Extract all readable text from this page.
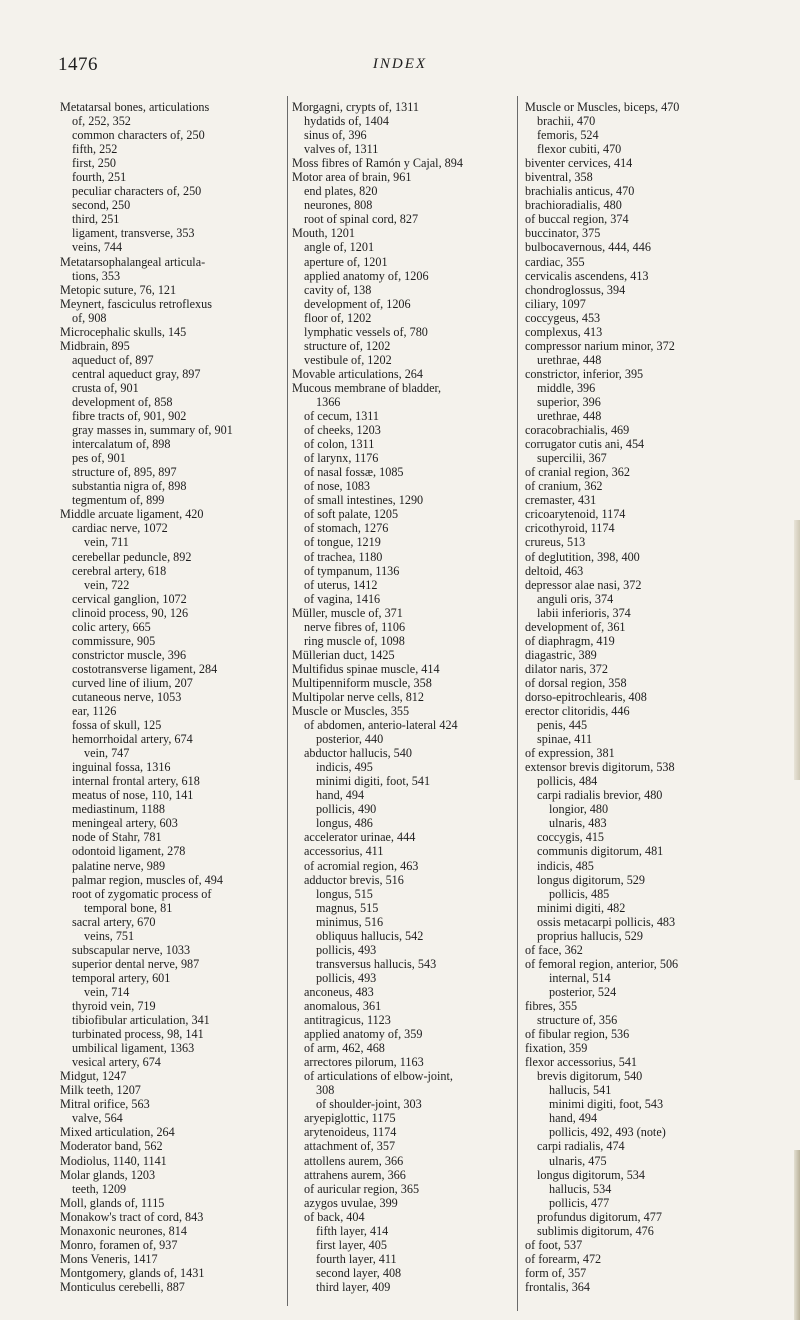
1476	INDEX
Metatarsal bones, articulations
of, 252, 352
common characters of, 250
fifth, 252
first, 250
fourth, 251
peculiar characters of, 250
second, 250
third, 251
ligament, transverse, 353
veins, 744
Metatarsophalangeal articula-
tions, 353
Metopic suture, 76, 121
Meynert, fasciculus retroflexus
of, 908
Microcephalic skulls, 145
Midbrain, 895
aqueduct of, 897
central aqueduct gray, 897
crusta of, 901
development of, 858
fibre tracts of, 901, 902
gray masses in, summary of, 901
intercalatum of, 898
pes of, 901
structure of, 895, 897
substantia nigra of, 898
tegmentum of, 899
Middle arcuate ligament, 420
cardiac nerve, 1072
vein, 711
cerebellar peduncle, 892
cerebral artery, 618
vein, 722
cervical ganglion, 1072
clinoid process, 90, 126
colic artery, 665
commissure, 905
constrictor muscle, 396
costotransverse ligament, 284
curved line of ilium, 207
cutaneous nerve, 1053
ear, 1126
fossa of skull, 125
hemorrhoidal artery, 674
vein, 747
inguinal fossa, 1316
internal frontal artery, 618
meatus of nose, 110, 141
mediastinum, 1188
meningeal artery, 603
node of Stahr, 781
odontoid ligament, 278
palatine nerve, 989
palmar region, muscles of, 494
root of zygomatic process of
temporal bone, 81
sacral artery, 670
veins, 751
subscapular nerve, 1033
superior dental nerve, 987
temporal artery, 601
vein, 714
thyroid vein, 719
tibiofibular articulation, 341
turbinated process, 98, 141
umbilical ligament, 1363
vesical artery, 674
Midgut, 1247
Milk teeth, 1207
Mitral orifice, 563
valve, 564
Mixed articulation, 264
Moderator band, 562
Modiolus, 1140, 1141
Molar glands, 1203
teeth, 1209
Moll, glands of, 1115
Monakow's tract of cord, 843
Monaxonic neurones, 814
Monro, foramen of, 937
Mons Veneris, 1417
Montgomery, glands of, 1431
Monticulus cerebelli, 887
Morgagni, crypts of, 1311
hydatids of, 1404
sinus of, 396
valves of, 1311
Moss fibres of Ramón y Cajal, 894
Motor area of brain, 961
end plates, 820
neurones, 808
root of spinal cord, 827
Mouth, 1201
angle of, 1201
aperture of, 1201
applied anatomy of, 1206
cavity of, 138
development of, 1206
floor of, 1202
lymphatic vessels of, 780
structure of, 1202
vestibule of, 1202
Movable articulations, 264
Mucous membrane of bladder,
1366
of cecum, 1311
of cheeks, 1203
of colon, 1311
of larynx, 1176
of nasal fossæ, 1085
of nose, 1083
of small intestines, 1290
of soft palate, 1205
of stomach, 1276
of tongue, 1219
of trachea, 1180
of tympanum, 1136
of uterus, 1412
of vagina, 1416
Müller, muscle of, 371
nerve fibres of, 1106
ring muscle of, 1098
Müllerian duct, 1425
Multifidus spinae muscle, 414
Multipenniform muscle, 358
Multipolar nerve cells, 812
Muscle or Muscles, 355
of abdomen, anterio-lateral 424
posterior, 440
abductor hallucis, 540
indicis, 495
minimi digiti, foot, 541
hand, 494
pollicis, 490
longus, 486
accelerator urinae, 444
accessorius, 411
of acromial region, 463
adductor brevis, 516
longus, 515
magnus, 515
minimus, 516
obliquus hallucis, 542
pollicis, 493
transversus hallucis, 543
pollicis, 493
anconeus, 483
anomalous, 361
antitragicus, 1123
applied anatomy of, 359
of arm, 462, 468
arrectores pilorum, 1163
of articulations of elbow-joint,
308
of shoulder-joint, 303
aryepiglottic, 1175
arytenoideus, 1174
attachment of, 357
attollens aurem, 366
attrahens aurem, 366
of auricular region, 365
azygos uvulae, 399
of back, 404
fifth layer, 414
first layer, 405
fourth layer, 411
second layer, 408
third layer, 409
Muscle or Muscles, biceps, 470
brachii, 470
femoris, 524
flexor cubiti, 470
biventer cervices, 414
biventral, 358
brachialis anticus, 470
brachioradialis, 480
of buccal region, 374
buccinator, 375
bulbocavernous, 444, 446
cardiac, 355
cervicalis ascendens, 413
chondroglossus, 394
ciliary, 1097
coccygeus, 453
complexus, 413
compressor narium minor, 372
urethrae, 448
constrictor, inferior, 395
middle, 396
superior, 396
urethrae, 448
coracobrachialis, 469
corrugator cutis ani, 454
supercilii, 367
of cranial region, 362
of cranium, 362
cremaster, 431
cricoarytenoid, 1174
cricothyroid, 1174
crureus, 513
of deglutition, 398, 400
deltoid, 463
depressor alae nasi, 372
anguli oris, 374
labii inferioris, 374
development of, 361
of diaphragm, 419
diagastric, 389
dilator naris, 372
of dorsal region, 358
dorso-epitrochlearis, 408
erector clitoridis, 446
penis, 445
spinae, 411
of expression, 381
extensor brevis digitorum, 538
pollicis, 484
carpi radialis brevior, 480
longior, 480
ulnaris, 483
coccygis, 415
communis digitorum, 481
indicis, 485
longus digitorum, 529
pollicis, 485
minimi digiti, 482
ossis metacarpi pollicis, 483
proprius hallucis, 529
of face, 362
of femoral region, anterior, 506
internal, 514
posterior, 524
fibres, 355
structure of, 356
of fibular region, 536
fixation, 359
flexor accessorius, 541
brevis digitorum, 540
hallucis, 541
minimi digiti, foot, 543
hand, 494
pollicis, 492, 493 (note)
carpi radialis, 474
ulnaris, 475
longus digitorum, 534
hallucis, 534
pollicis, 477
profundus digitorum, 477
sublimis digitorum, 476
of foot, 537
of forearm, 472
form of, 357
frontalis, 364
